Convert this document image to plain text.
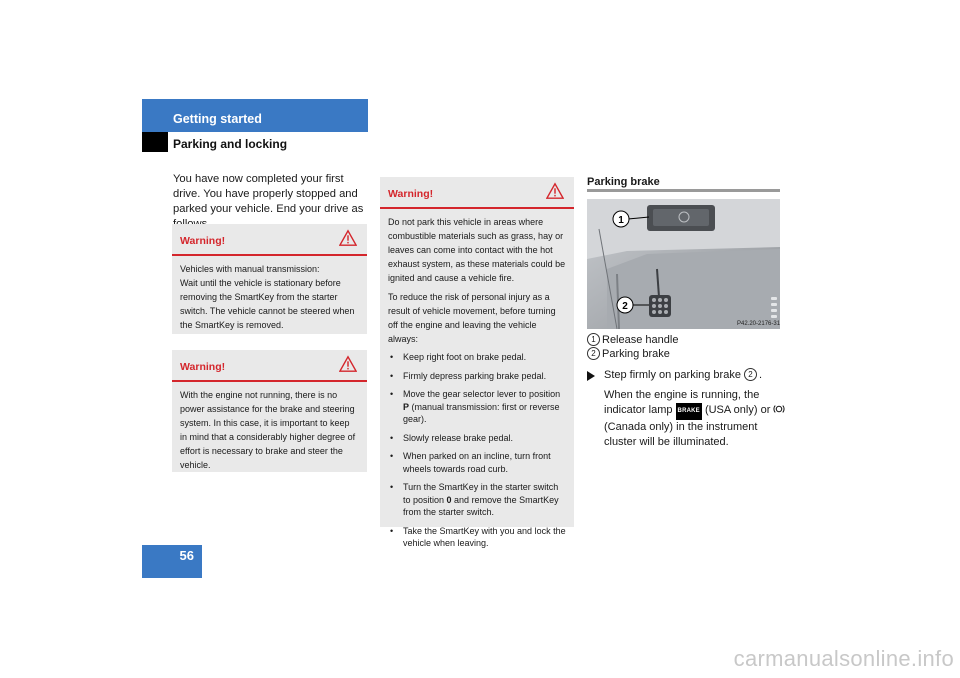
Getting started
Parking and locking
You have now completed your first drive. You have properly stopped and parked your vehicle. End your drive as
Warning!
Vehicles with manual transmission:
Wait until the vehicle is stationary before removing the SmartKey from the starter switch. The vehicle cannot be steered when the SmartKey is removed.
Warning!
With the engine not running, there is no power assistance for the brake and steering system. In this case, it is important to keep in mind that a considerably higher degree of effort is necessary to brake and steer the vehicle.
Warning!

Do not park this vehicle in areas where combustible materials such as grass, hay or leaves can come into contact with the hot exhaust system, as these materials could be ignited and cause a vehicle fire.

To reduce the risk of personal injury as a result of vehicle movement, before turning off the engine and leaving the vehicle always:

• Keep right foot on brake pedal.
• Firmly depress parking brake pedal.
• Move the gear selector lever to position P (manual transmission: first or reverse gear).
• Slowly release brake pedal.
• When parked on an incline, turn front wheels towards road curb.
• Turn the SmartKey in the starter switch to position 0 and remove the SmartKey from the starter switch.
• Take the SmartKey with you and lock the vehicle when leaving.
Parking brake
1
2
P42.20-2176-31
1 Release handle
2 Parking brake
Step firmly on parking brake 2 .
When the engine is running, the indicator lamp BRAKE (USA only) or  (Canada only) in the instrument cluster will be illuminated.
56
carmanualsonline.info
